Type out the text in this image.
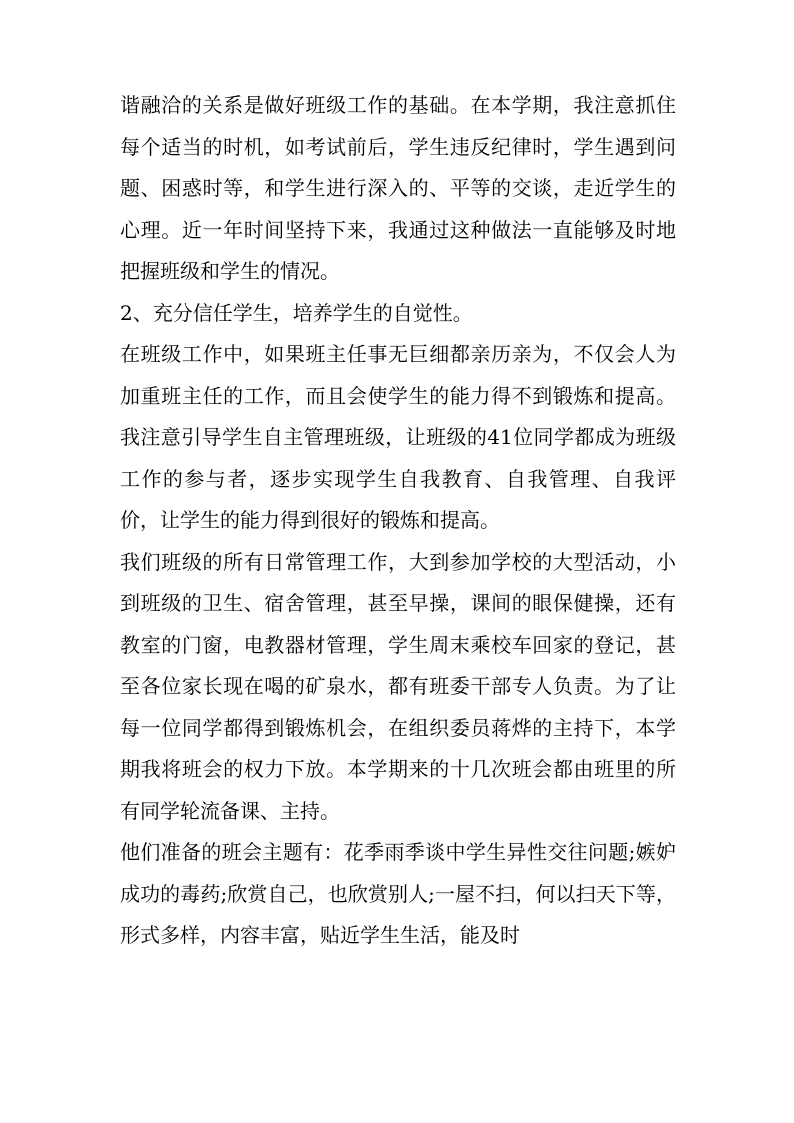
谐融洽的关系是做好班级工作的基础。在本学期，我注意抓住每个适当的时机，如考试前后，学生违反纪律时，学生遇到问题、困惑时等，和学生进行深入的、平等的交谈，走近学生的心理。近一年时间坚持下来，我通过这种做法一直能够及时地把握班级和学生的情况。

2、充分信任学生，培养学生的自觉性。

在班级工作中，如果班主任事无巨细都亲历亲为，不仅会人为加重班主任的工作，而且会使学生的能力得不到锻炼和提高。我注意引导学生自主管理班级，让班级的41位同学都成为班级工作的参与者，逐步实现学生自我教育、自我管理、自我评价，让学生的能力得到很好的锻炼和提高。

我们班级的所有日常管理工作，大到参加学校的大型活动，小到班级的卫生、宿舍管理，甚至早操，课间的眼保健操，还有教室的门窗，电教器材管理，学生周末乘校车回家的登记，甚至各位家长现在喝的矿泉水，都有班委干部专人负责。为了让每一位同学都得到锻炼机会，在组织委员蒋烨的主持下，本学期我将班会的权力下放。本学期来的十几次班会都由班里的所有同学轮流备课、主持。

他们准备的班会主题有：花季雨季谈中学生异性交往问题;嫉妒成功的毒药;欣赏自己，也欣赏别人;一屋不扫，何以扫天下等，形式多样，内容丰富，贴近学生生活，能及时
